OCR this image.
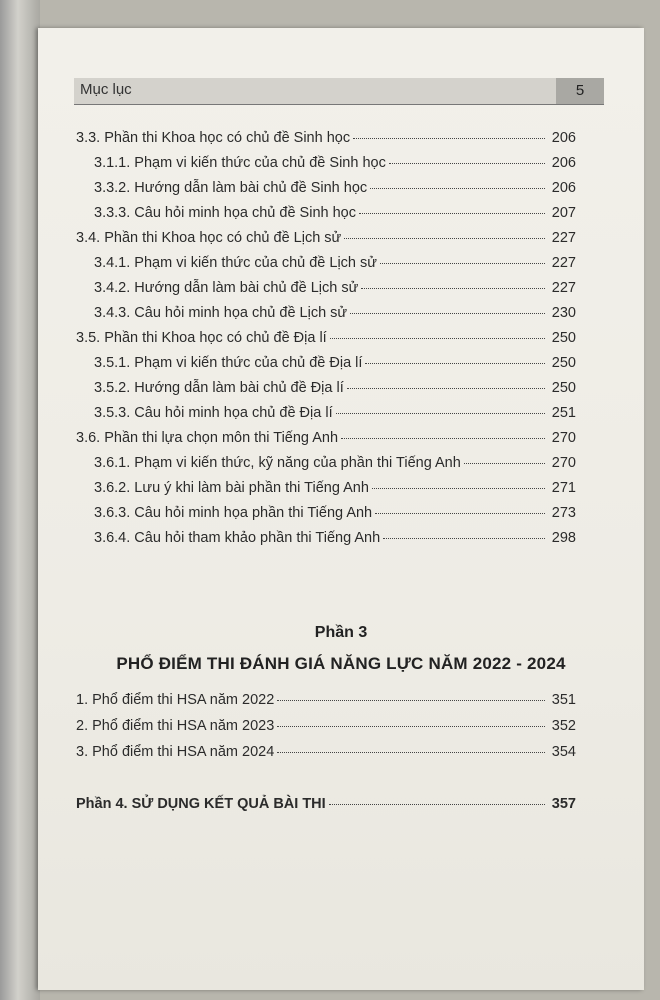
Mục lục	5
3.3. Phần thi Khoa học có chủ đề Sinh học	206
3.1.1. Phạm vi kiến thức của chủ đề Sinh học	206
3.3.2. Hướng dẫn làm bài chủ đề Sinh học	206
3.3.3. Câu hỏi minh họa chủ đề Sinh học	207
3.4. Phần thi Khoa học có chủ đề Lịch sử	227
3.4.1. Phạm vi kiến thức của chủ đề Lịch sử	227
3.4.2. Hướng dẫn làm bài chủ đề Lịch sử	227
3.4.3. Câu hỏi minh họa chủ đề Lịch sử	230
3.5. Phần thi Khoa học có chủ đề Địa lí	250
3.5.1. Phạm vi kiến thức của chủ đề Địa lí	250
3.5.2. Hướng dẫn làm bài chủ đề Địa lí	250
3.5.3. Câu hỏi minh họa chủ đề Địa lí	251
3.6. Phần thi lựa chọn môn thi Tiếng Anh	270
3.6.1. Phạm vi kiến thức, kỹ năng của phần thi Tiếng Anh	270
3.6.2. Lưu ý khi làm bài phần thi Tiếng Anh	271
3.6.3. Câu hỏi minh họa phần thi Tiếng Anh	273
3.6.4. Câu hỏi tham khảo phần thi Tiếng Anh	298
Phần 3
PHỔ ĐIỂM THI ĐÁNH GIÁ NĂNG LỰC NĂM 2022 - 2024
1. Phổ điểm thi HSA năm 2022	351
2. Phổ điểm thi HSA năm 2023	352
3. Phổ điểm thi HSA năm 2024	354
Phần 4. SỬ DỤNG KẾT QUẢ BÀI THI	357
